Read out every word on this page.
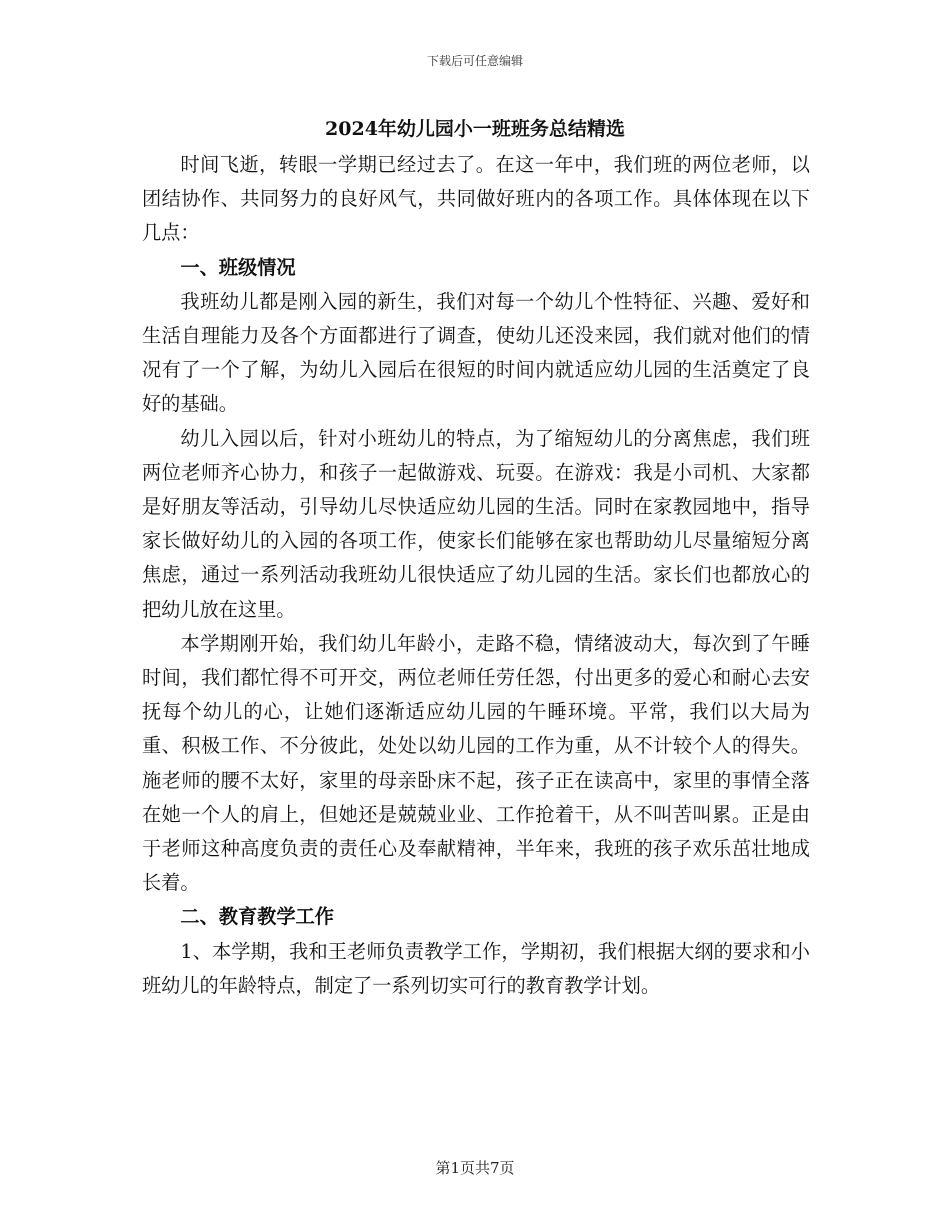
下载后可任意编辑
2024年幼儿园小一班班务总结精选

时间飞逝，转眼一学期已经过去了。在这一年中，我们班的两位老师，以团结协作、共同努力的良好风气，共同做好班内的各项工作。具体体现在以下几点：

一、班级情况

我班幼儿都是刚入园的新生，我们对每一个幼儿个性特征、兴趣、爱好和生活自理能力及各个方面都进行了调查，使幼儿还没来园，我们就对他们的情况有了一个了解，为幼儿入园后在很短的时间内就适应幼儿园的生活奠定了良好的基础。

幼儿入园以后，针对小班幼儿的特点，为了缩短幼儿的分离焦虑，我们班两位老师齐心协力，和孩子一起做游戏、玩耍。在游戏：我是小司机、大家都是好朋友等活动，引导幼儿尽快适应幼儿园的生活。同时在家教园地中，指导家长做好幼儿的入园的各项工作，使家长们能够在家也帮助幼儿尽量缩短分离焦虑，通过一系列活动我班幼儿很快适应了幼儿园的生活。家长们也都放心的把幼儿放在这里。

本学期刚开始，我们幼儿年龄小，走路不稳，情绪波动大，每次到了午睡时间，我们都忙得不可开交，两位老师任劳任怨，付出更多的爱心和耐心去安抚每个幼儿的心，让她们逐渐适应幼儿园的午睡环境。平常，我们以大局为重、积极工作、不分彼此，处处以幼儿园的工作为重，从不计较个人的得失。施老师的腰不太好，家里的母亲卧床不起，孩子正在读高中，家里的事情全落在她一个人的肩上，但她还是兢兢业业、工作抢着干，从不叫苦叫累。正是由于老师这种高度负责的责任心及奉献精神，半年来，我班的孩子欢乐茁壮地成长着。

二、教育教学工作

1、本学期，我和王老师负责教学工作，学期初，我们根据大纲的要求和小班幼儿的年龄特点，制定了一系列切实可行的教育教学计划。

第1页共7页
